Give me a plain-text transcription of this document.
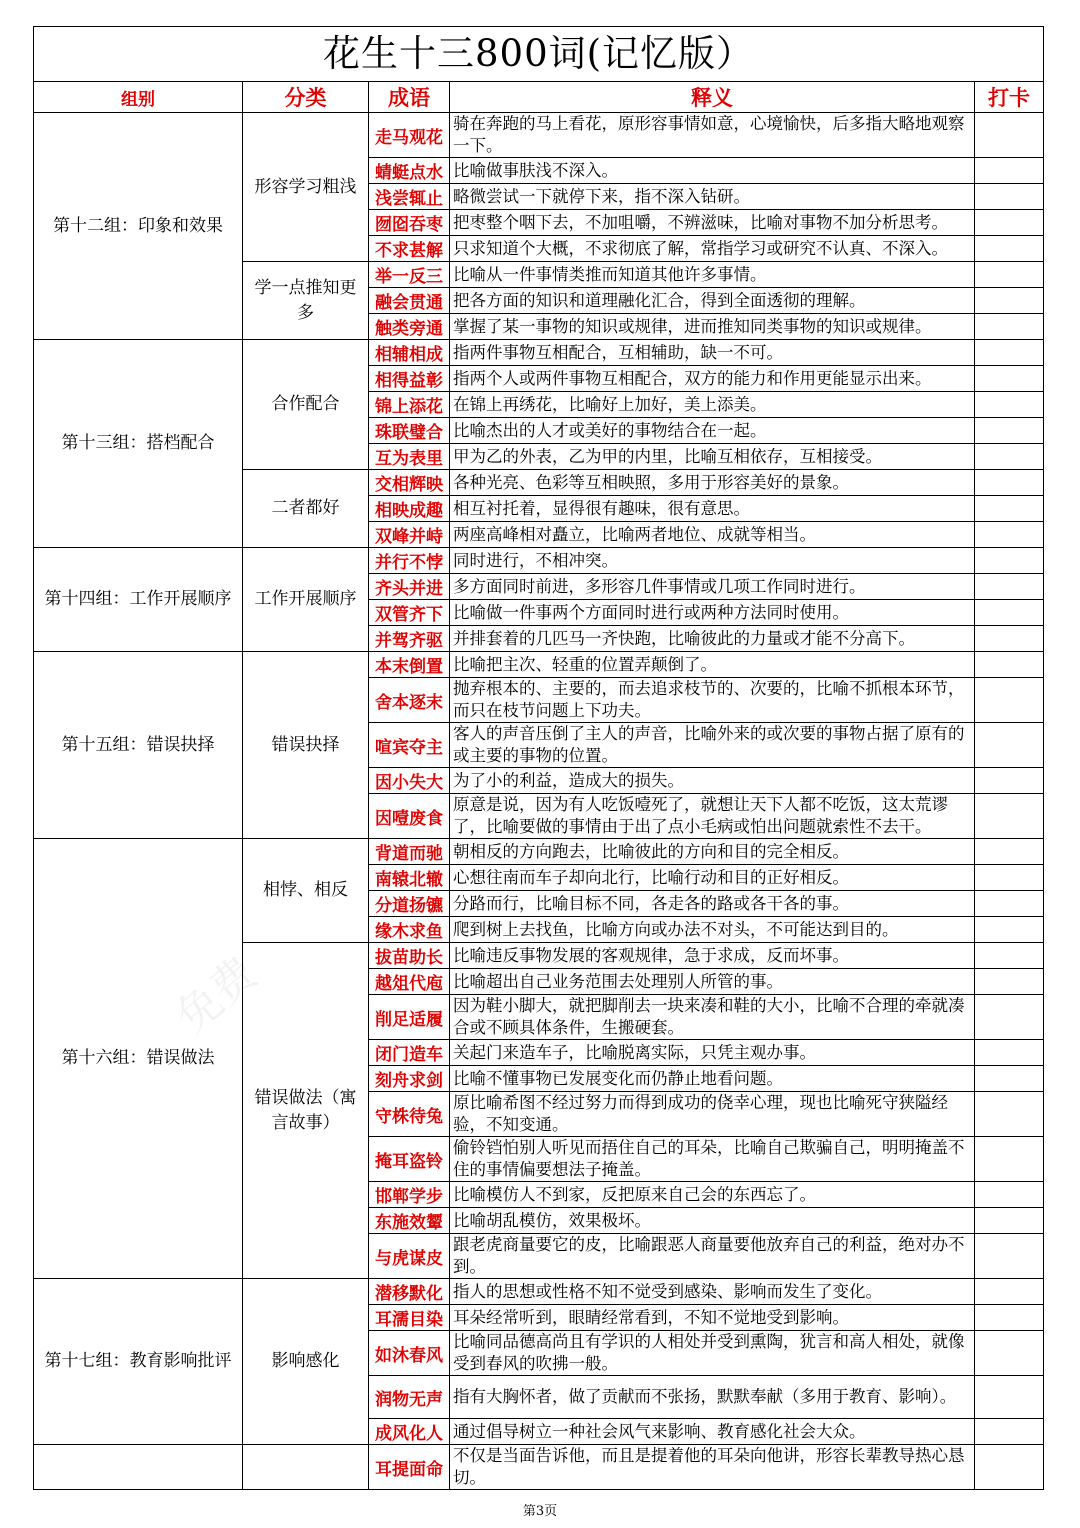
免费
花生十三800词(记忆版）				
组别	分类	成语	释义	打卡
第十二组：印象和效果	形容学习粗浅	走马观花	骑在奔跑的马上看花，原形容事情如意，心境愉快，后多指大略地观察一下。	
		蜻蜓点水	比喻做事肤浅不深入。	
		浅尝辄止	略微尝试一下就停下来，指不深入钻研。	
		囫囵吞枣	把枣整个咽下去，不加咀嚼，不辨滋味，比喻对事物不加分析思考。	
		不求甚解	只求知道个大概，不求彻底了解，常指学习或研究不认真、不深入。	
	学一点推知更多	举一反三	比喻从一件事情类推而知道其他许多事情。	
		融会贯通	把各方面的知识和道理融化汇合，得到全面透彻的理解。	
		触类旁通	掌握了某一事物的知识或规律，进而推知同类事物的知识或规律。	
第十三组：搭档配合	合作配合	相辅相成	指两件事物互相配合，互相辅助，缺一不可。	
		相得益彰	指两个人或两件事物互相配合，双方的能力和作用更能显示出来。	
		锦上添花	在锦上再绣花，比喻好上加好，美上添美。	
		珠联璧合	比喻杰出的人才或美好的事物结合在一起。	
		互为表里	甲为乙的外表，乙为甲的内里，比喻互相依存，互相接受。	
	二者都好	交相辉映	各种光亮、色彩等互相映照，多用于形容美好的景象。	
		相映成趣	相互衬托着，显得很有趣味，很有意思。	
		双峰并峙	两座高峰相对矗立，比喻两者地位、成就等相当。	
第十四组：工作开展顺序	工作开展顺序	并行不悖	同时进行，不相冲突。	
		齐头并进	多方面同时前进，多形容几件事情或几项工作同时进行。	
		双管齐下	比喻做一件事两个方面同时进行或两种方法同时使用。	
		并驾齐驱	并排套着的几匹马一齐快跑，比喻彼此的力量或才能不分高下。	
第十五组：错误抉择	错误抉择	本末倒置	比喻把主次、轻重的位置弄颠倒了。	
		舍本逐末	抛弃根本的、主要的，而去追求枝节的、次要的，比喻不抓根本环节，而只在枝节问题上下功夫。	
		喧宾夺主	客人的声音压倒了主人的声音，比喻外来的或次要的事物占据了原有的或主要的事物的位置。	
		因小失大	为了小的利益，造成大的损失。	
		因噎废食	原意是说，因为有人吃饭噎死了，就想让天下人都不吃饭，这太荒谬了，比喻要做的事情由于出了点小毛病或怕出问题就索性不去干。	
第十六组：错误做法	相悖、相反	背道而驰	朝相反的方向跑去，比喻彼此的方向和目的完全相反。	
		南辕北辙	心想往南而车子却向北行，比喻行动和目的正好相反。	
		分道扬镳	分路而行，比喻目标不同，各走各的路或各干各的事。	
		缘木求鱼	爬到树上去找鱼，比喻方向或办法不对头，不可能达到目的。	
	错误做法（寓言故事）	拔苗助长	比喻违反事物发展的客观规律，急于求成，反而坏事。	
		越俎代庖	比喻超出自己业务范围去处理别人所管的事。	
		削足适履	因为鞋小脚大，就把脚削去一块来凑和鞋的大小，比喻不合理的牵就凑合或不顾具体条件，生搬硬套。	
		闭门造车	关起门来造车子，比喻脱离实际，只凭主观办事。	
		刻舟求剑	比喻不懂事物已发展变化而仍静止地看问题。	
		守株待兔	原比喻希图不经过努力而得到成功的侥幸心理，现也比喻死守狭隘经验，不知变通。	
		掩耳盗铃	偷铃铛怕别人听见而捂住自己的耳朵，比喻自己欺骗自己，明明掩盖不住的事情偏要想法子掩盖。	
		邯郸学步	比喻模仿人不到家，反把原来自己会的东西忘了。	
		东施效颦	比喻胡乱模仿，效果极坏。	
		与虎谋皮	跟老虎商量要它的皮，比喻跟恶人商量要他放弃自己的利益，绝对办不到。	
第十七组：教育影响批评	影响感化	潜移默化	指人的思想或性格不知不觉受到感染、影响而发生了变化。	
		耳濡目染	耳朵经常听到，眼睛经常看到，不知不觉地受到影响。	
		如沐春风	比喻同品德高尚且有学识的人相处并受到熏陶，犹言和高人相处，就像受到春风的吹拂一般。	
		润物无声	指有大胸怀者，做了贡献而不张扬，默默奉献（多用于教育、影响）。	
		成风化人	通过倡导树立一种社会风气来影响、教育感化社会大众。	
		耳提面命	不仅是当面告诉他，而且是提着他的耳朵向他讲，形容长辈教导热心恳切。	
第3页
